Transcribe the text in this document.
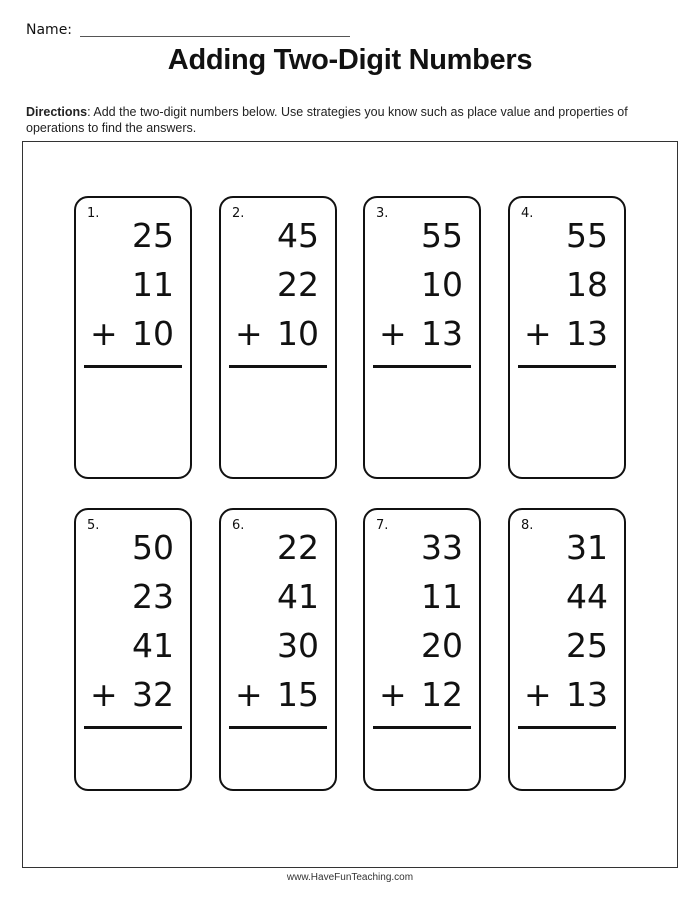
Name:
Adding Two-Digit Numbers
Directions: Add the two-digit numbers below. Use strategies you know such as place value and properties of operations to find the answers.
1.
25
11
10
+
2.
45
22
10
+
3.
55
10
13
+
4.
55
18
13
+
5.
50
23
41
32
+
6.
22
41
30
15
+
7.
33
11
20
12
+
8.
31
44
25
13
+
www.HaveFunTeaching.com
